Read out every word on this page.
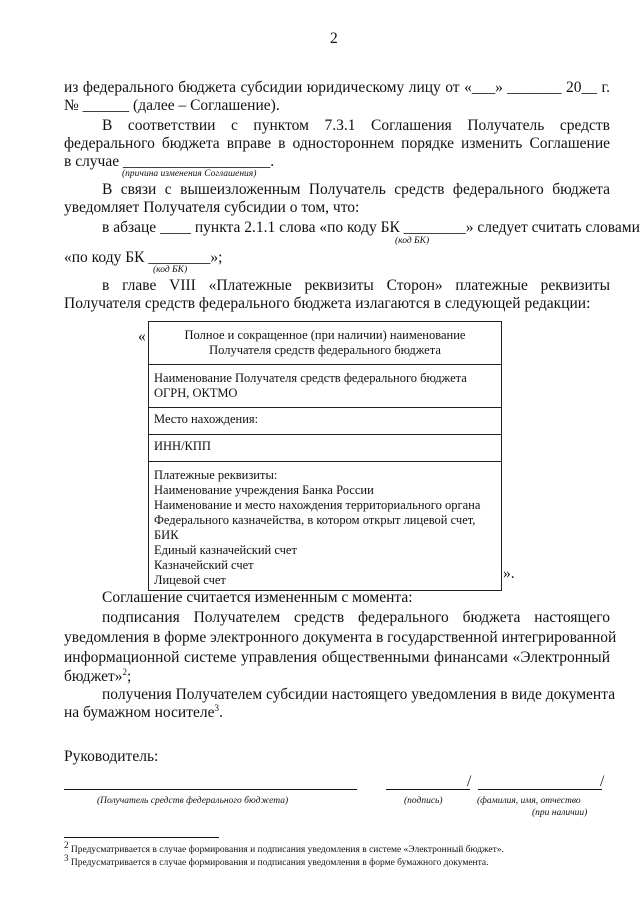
2
из федерального бюджета субсидии юридическому лицу от «___» _______ 20__ г.
№ ______ (далее – Соглашение).
В соответствии с пунктом 7.3.1 Соглашения Получатель средств
федерального бюджета вправе в одностороннем порядке изменить Соглашение
в случае ___________________.
(причина изменения Соглашения)
В связи с вышеизложенным Получатель средств федерального бюджета
уведомляет Получателя субсидии о том, что:
в абзаце ____ пункта 2.1.1 слова «по коду БК ________» следует считать словами
(код БК)
«по коду БК ________»;
(код БК)
в главе VIII «Платежные реквизиты Сторон» платежные реквизиты
Получателя средств федерального бюджета излагаются в следующей редакции:
«	Полное и сокращенное (при наличии) наименование
Получателя средств федерального бюджета
Наименование Получателя средств федерального бюджета
ОГРН, ОКТМО
Место нахождения:
ИНН/КПП
Платежные реквизиты:
Наименование учреждения Банка России
Наименование и место нахождения территориального органа
Федерального казначейства, в котором открыт лицевой счет,
БИК
Единый казначейский счет
Казначейский счет
Лицевой счет	».
Соглашение считается измененным с момента:
подписания Получателем средств федерального бюджета настоящего
уведомления в форме электронного документа в государственной интегрированной
информационной системе управления общественными финансами «Электронный
бюджет»$^2$;
получения Получателем субсидии настоящего уведомления в виде документа
на бумажном носителе$^3$.
Руководитель:
(Получатель средств федерального бюджета)
/	/
(подпись)	(фамилия, имя, отчество
(при наличии)
$^2$ Предусматривается в случае формирования и подписания уведомления в системе «Электронный бюджет».
$^3$ Предусматривается в случае формирования и подписания уведомления в форме бумажного документа.
